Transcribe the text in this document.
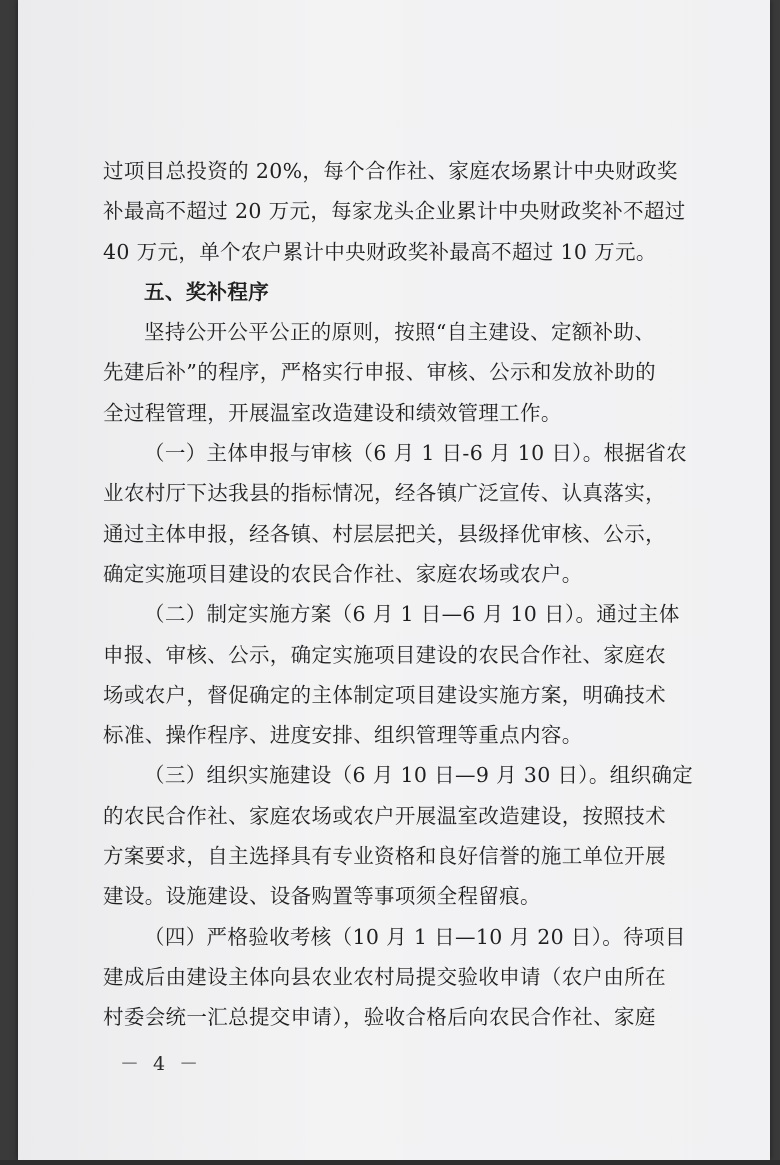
过项目总投资的 20%，每个合作社、家庭农场累计中央财政奖
补最高不超过 20 万元，每家龙头企业累计中央财政奖补不超过
40 万元，单个农户累计中央财政奖补最高不超过 10 万元。
五、奖补程序
坚持公开公平公正的原则，按照“自主建设、定额补助、
先建后补”的程序，严格实行申报、审核、公示和发放补助的
全过程管理，开展温室改造建设和绩效管理工作。
（一）主体申报与审核（6 月 1 日-6 月 10 日）。根据省农
业农村厅下达我县的指标情况，经各镇广泛宣传、认真落实，
通过主体申报，经各镇、村层层把关，县级择优审核、公示，
确定实施项目建设的农民合作社、家庭农场或农户。
（二）制定实施方案（6 月 1 日—6 月 10 日）。通过主体
申报、审核、公示，确定实施项目建设的农民合作社、家庭农
场或农户，督促确定的主体制定项目建设实施方案，明确技术
标准、操作程序、进度安排、组织管理等重点内容。
（三）组织实施建设（6 月 10 日—9 月 30 日）。组织确定
的农民合作社、家庭农场或农户开展温室改造建设，按照技术
方案要求，自主选择具有专业资格和良好信誉的施工单位开展
建设。设施建设、设备购置等事项须全程留痕。
（四）严格验收考核（10 月 1 日—10 月 20 日）。待项目
建成后由建设主体向县农业农村局提交验收申请（农户由所在
村委会统一汇总提交申请），验收合格后向农民合作社、家庭
－ 4 －
